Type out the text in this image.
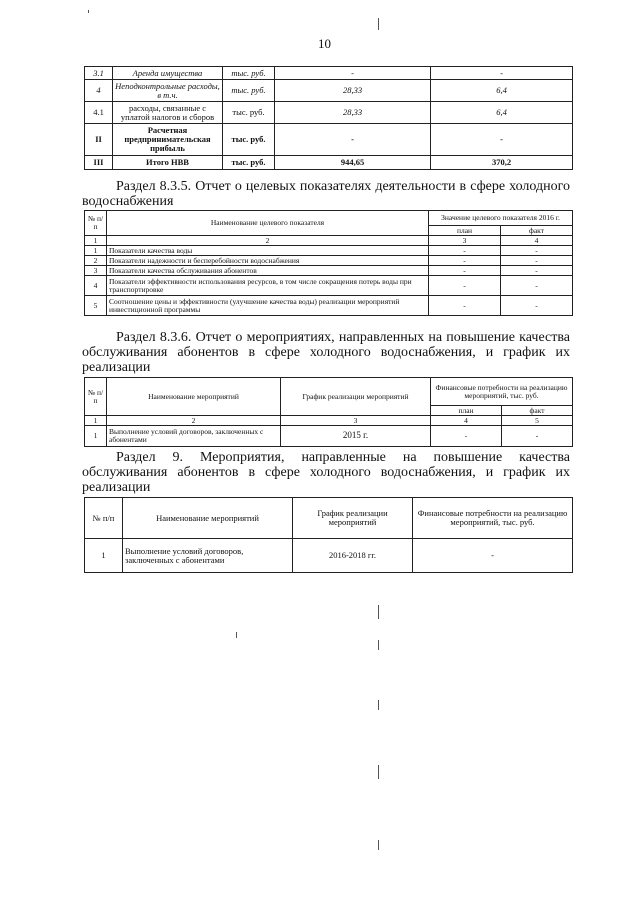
10
3.1	Аренда имущества	тыс. руб.	-	-
4	Неподконтрольные расходы, в т.ч.	тыс. руб.	28,33	6,4
4.1	расходы, связанные с уплатой налогов и сборов	тыс. руб.	28,33	6,4
II	Расчетная предпринимательская прибыль	тыс. руб.	-	-
III	Итого НВВ	тыс. руб.	944,65	370,2
Раздел 8.3.5. Отчет о целевых показателях деятельности в сфере холодного водоснабжения
№ п/п	Наименование целевого показателя	Значение целевого показателя 2016 г.	
		план	факт
1	2	3	4
1	Показатели качества воды	-	-
2	Показатели надежности и бесперебойности водоснабжения	-	-
3	Показатели качества обслуживания абонентов	-	-
4	Показатели эффективности использования ресурсов, в том числе сокращения потерь воды при транспортировке	-	-
5	Соотношение цены и эффективности (улучшение качества воды) реализации мероприятий инвестиционной программы	-	-
Раздел 8.3.6. Отчет о мероприятиях, направленных на повышение качества обслуживания абонентов в сфере холодного водоснабжения, и график их реализации
№ п/п	Наименование мероприятий	График реализации мероприятий	Финансовые потребности на реализацию мероприятий, тыс. руб.	
			план	факт
1	2	3	4	5
1	Выполнение условий договоров, заключенных с абонентами	2015 г.	-	-
Раздел 9. Мероприятия, направленные на повышение качества обслуживания абонентов в сфере холодного водоснабжения, и график их реализации
№ п/п	Наименование мероприятий	График реализации мероприятий	Финансовые потребности на реализацию мероприятий, тыс. руб.
1	Выполнение условий договоров, заключенных с абонентами	2016-2018 гг.	-
